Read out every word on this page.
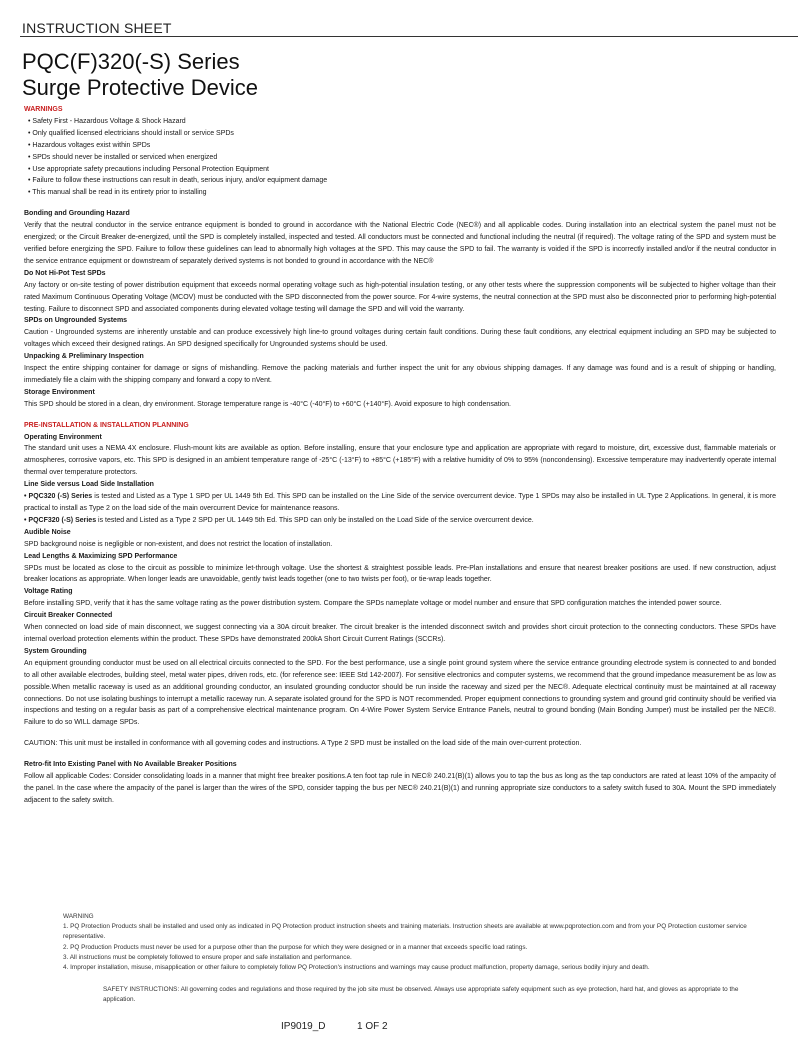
INSTRUCTION SHEET
PQC(F)320(-S) Series
Surge Protective Device
WARNINGS
• Safety First - Hazardous Voltage & Shock Hazard
• Only qualified licensed electricians should install or service SPDs
• Hazardous voltages exist within SPDs
• SPDs should never be installed or serviced when energized
• Use appropriate safety precautions including Personal Protection Equipment
• Failure to follow these instructions can result in death, serious injury, and/or equipment damage
• This manual shall be read in its entirety prior to installing
Bonding and Grounding Hazard
Verify that the neutral conductor in the service entrance equipment is bonded to ground in accordance with the National Electric Code (NEC®) and all applicable codes. During installation into an electrical system the panel must not be energized; or the Circuit Breaker de-energized, until the SPD is completely installed, inspected and tested. All conductors must be connected and functional including the neutral (if required). The voltage rating of the SPD and system must be verified before energizing the SPD. Failure to follow these guidelines can lead to abnormally high voltages at the SPD. This may cause the SPD to fail. The warranty is voided if the SPD is incorrectly installed and/or if the neutral conductor in the service entrance equipment or downstream of separately derived systems is not bonded to ground in accordance with the NEC®
Do Not Hi-Pot Test SPDs
Any factory or on-site testing of power distribution equipment that exceeds normal operating voltage such as high-potential insulation testing, or any other tests where the suppression components will be subjected to higher voltage than their rated Maximum Continuous Operating Voltage (MCOV) must be conducted with the SPD disconnected from the power source. For 4-wire systems, the neutral connection at the SPD must also be disconnected prior to performing high-potential testing. Failure to disconnect SPD and associated components during elevated voltage testing will damage the SPD and will void the warranty.
SPDs on Ungrounded Systems
Caution - Ungrounded systems are inherently unstable and can produce excessively high line-to ground voltages during certain fault conditions. During these fault conditions, any electrical equipment including an SPD may be subjected to voltages which exceed their designed ratings. An SPD designed specifically for Ungrounded systems should be used.
Unpacking & Preliminary Inspection
Inspect the entire shipping container for damage or signs of mishandling. Remove the packing materials and further inspect the unit for any obvious shipping damages. If any damage was found and is a result of shipping or handling, immediately file a claim with the shipping company and forward a copy to nVent.
Storage Environment
This SPD should be stored in a clean, dry environment. Storage temperature range is -40°C (-40°F) to +60°C (+140°F). Avoid exposure to high condensation.
PRE-INSTALLATION & INSTALLATION PLANNING
Operating Environment
The standard unit uses a NEMA 4X enclosure. Flush-mount kits are available as option. Before installing, ensure that your enclosure type and application are appropriate with regard to moisture, dirt, excessive dust, flammable materials or atmospheres, corrosive vapors, etc. This SPD is designed in an ambient temperature range of -25°C (-13°F) to +85°C (+185°F) with a relative humidity of 0% to 95% (noncondensing). Excessive temperature may inadvertently operate internal thermal over temperature protectors.
Line Side versus Load Side Installation
• PQC320 (-S) Series is tested and Listed as a Type 1 SPD per UL 1449 5th Ed. This SPD can be installed on the Line Side of the service overcurrent device. Type 1 SPDs may also be installed in UL Type 2 Applications. In general, it is more practical to install as Type 2 on the load side of the main overcurrent Device for maintenance reasons.
• PQCF320 (-S) Series is tested and Listed as a Type 2 SPD per UL 1449 5th Ed. This SPD can only be installed on the Load Side of the service overcurrent device.
Audible Noise
SPD background noise is negligible or non-existent, and does not restrict the location of installation.
Lead Lengths & Maximizing SPD Performance
SPDs must be located as close to the circuit as possible to minimize let-through voltage. Use the shortest & straightest possible leads. Pre-Plan installations and ensure that nearest breaker positions are used. If new construction, adjust breaker locations as appropriate. When longer leads are unavoidable, gently twist leads together (one to two twists per foot), or tie-wrap leads together.
Voltage Rating
Before installing SPD, verify that it has the same voltage rating as the power distribution system. Compare the SPDs nameplate voltage or model number and ensure that SPD configuration matches the intended power source.
Circuit Breaker Connected
When connected on load side of main disconnect, we suggest connecting via a 30A circuit breaker. The circuit breaker is the intended disconnect switch and provides short circuit protection to the connecting conductors. These SPDs have internal overload protection elements within the product. These SPDs have demonstrated 200kA Short Circuit Current Ratings (SCCRs).
System Grounding
An equipment grounding conductor must be used on all electrical circuits connected to the SPD. For the best performance, use a single point ground system where the service entrance grounding electrode system is connected to and bonded to all other available electrodes, building steel, metal water pipes, driven rods, etc. (for reference see: IEEE Std 142-2007). For sensitive electronics and computer systems, we recommend that the ground impedance measurement be as low as possible.When metallic raceway is used as an additional grounding conductor, an insulated grounding conductor should be run inside the raceway and sized per the NEC®. Adequate electrical continuity must be maintained at all raceway connections. Do not use isolating bushings to interrupt a metallic raceway run. A separate isolated ground for the SPD is NOT recommended. Proper equipment connections to grounding system and ground grid continuity should be verified via inspections and testing on a regular basis as part of a comprehensive electrical maintenance program. On 4-Wire Power System Service Entrance Panels, neutral to ground bonding (Main Bonding Jumper) must be installed per the NEC®. Failure to do so WILL damage SPDs.
CAUTION: This unit must be installed in conformance with all governing codes and instructions. A Type 2 SPD must be installed on the load side of the main over-current protection.
Retro-fit Into Existing Panel with No Available Breaker Positions
Follow all applicable Codes: Consider consolidating loads in a manner that might free breaker positions.A ten foot tap rule in NEC® 240.21(B)(1) allows you to tap the bus as long as the tap conductors are rated at least 10% of the ampacity of the panel. In the case where the ampacity of the panel is larger than the wires of the SPD, consider tapping the bus per NEC® 240.21(B)(1) and running appropriate size conductors to a safety switch fused to 30A. Mount the SPD immediately adjacent to the safety switch.
WARNING
1. PQ Protection Products shall be installed and used only as indicated in PQ Protection product instruction sheets and training materials. Instruction sheets are available at www.pqprotection.com and from your PQ Protection customer service representative.
2. PQ Production Products must never be used for a purpose other than the purpose for which they were designed or in a manner that exceeds specific load ratings.
3. All instructions must be completely followed to ensure proper and safe installation and performance.
4. Improper installation, misuse, misapplication or other failure to completely follow PQ Protection's instructions and warnings may cause product malfunction, property damage, serious bodily injury and death.
SAFETY INSTRUCTIONS: All governing codes and regulations and those required by the job site must be observed. Always use appropriate safety equipment such as eye protection, hard hat, and gloves as appropriate to the application.
IP9019_D	1 OF 2
